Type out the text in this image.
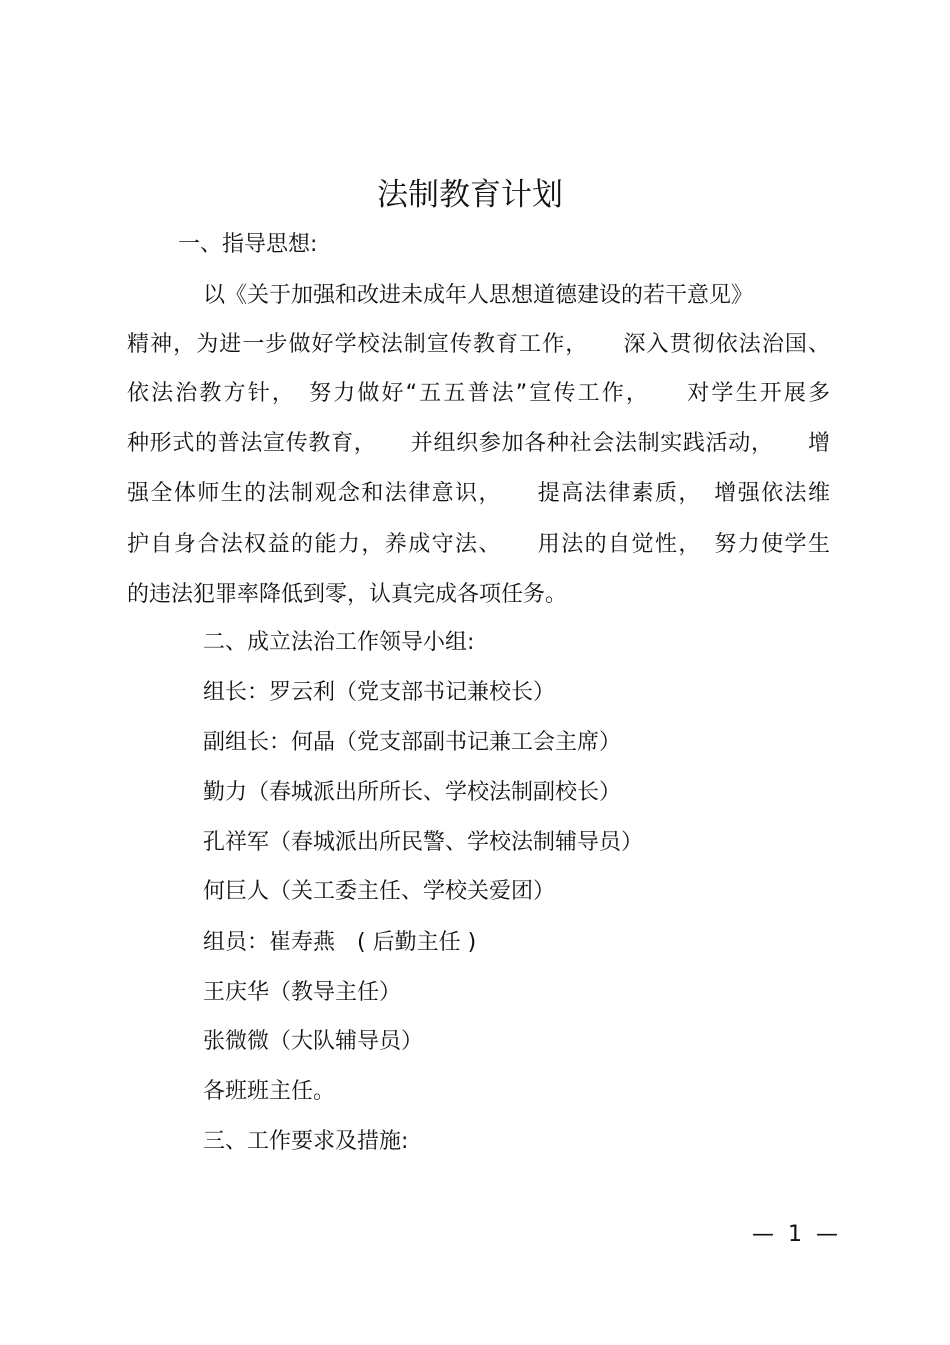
法制教育计划
一、指导思想:
以《关于加强和改进未成年人思想道德建设的若干意见》
精神，为进一步做好学校法制宣传教育工作，　　深入贯彻依法治国、
依法治教方针，　努力做好“五五普法”宣传工作，　　对学生开展多
种形式的普法宣传教育，　　并组织参加各种社会法制实践活动，　　增
强全体师生的法制观念和法律意识，　　提高法律素质，　增强依法维
护自身合法权益的能力，养成守法、　　用法的自觉性，　努力使学生
的违法犯罪率降低到零，认真完成各项任务。
二、成立法治工作领导小组:
组长：罗云利（党支部书记兼校长）
副组长：何晶（党支部副书记兼工会主席）
勤力（春城派出所所长、学校法制副校长）
孔祥军（春城派出所民警、学校法制辅导员）
何巨人（关工委主任、学校关爱团）
组员：崔寿燕　( 后勤主任 )
王庆华（教导主任）
张微微（大队辅导员）
各班班主任。
三、工作要求及措施:
—  1  —
